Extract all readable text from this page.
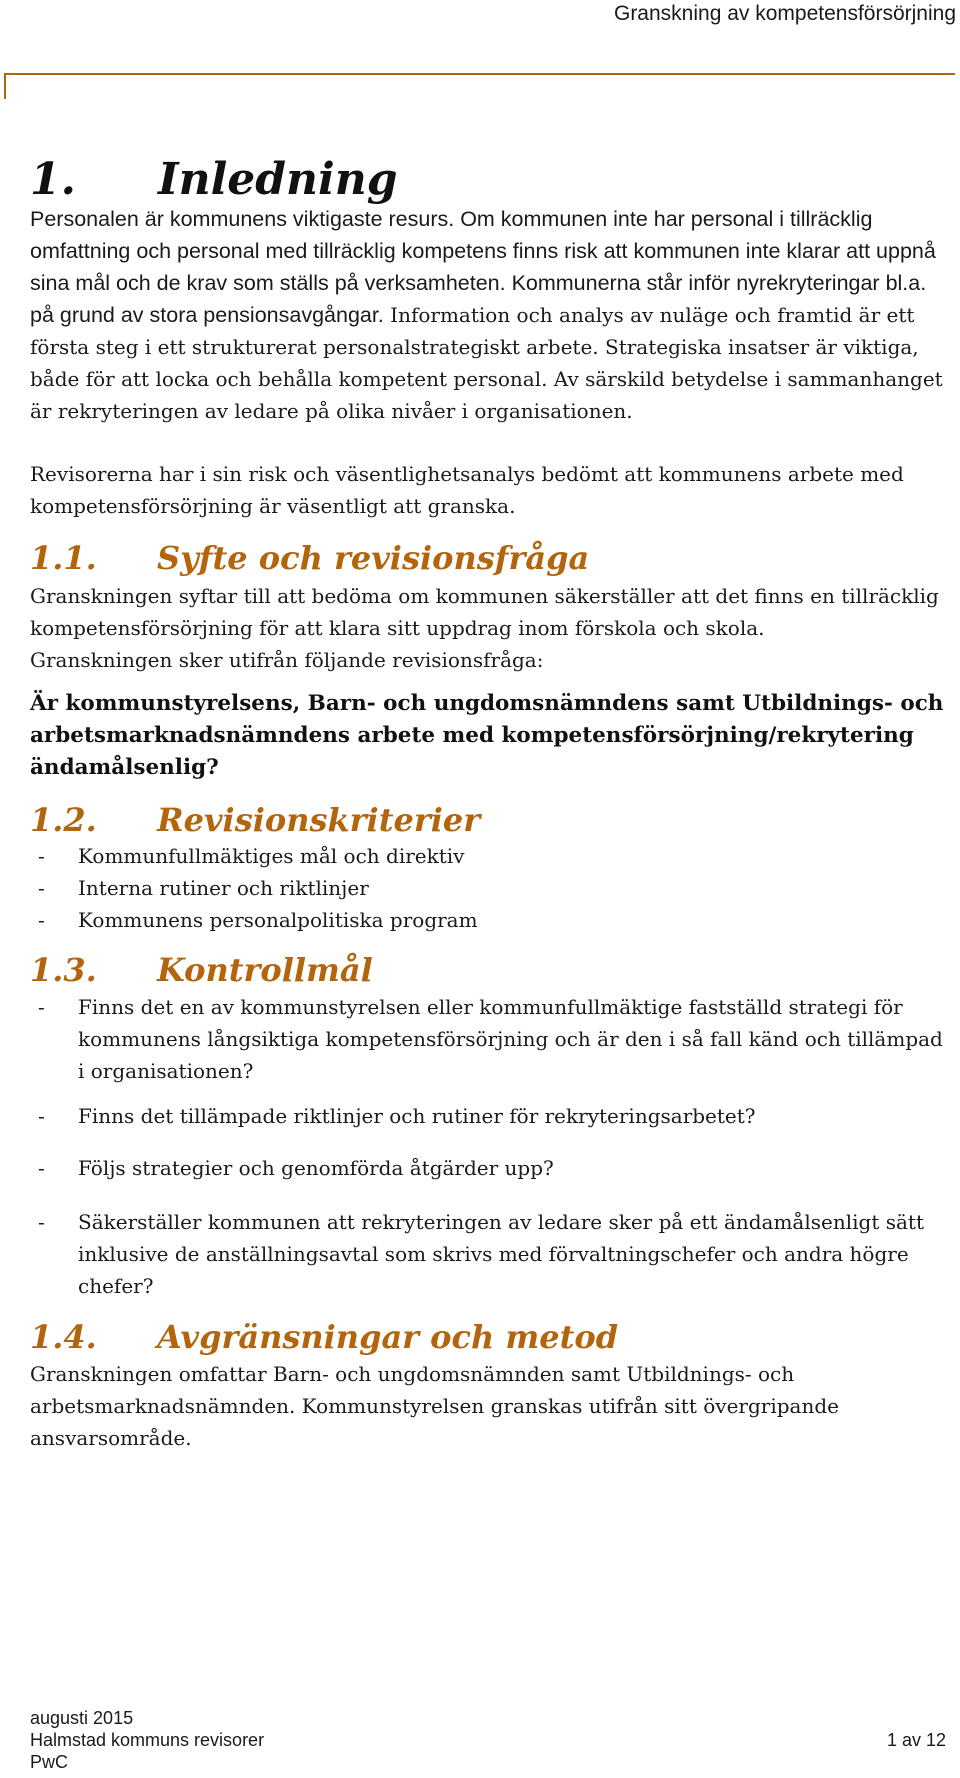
Granskning av kompetensförsörjning
1. Inledning

Personalen är kommunens viktigaste resurs. Om kommunen inte har personal i tillräcklig omfattning och personal med tillräcklig kompetens finns risk att kommunen inte klarar att uppnå sina mål och de krav som ställs på verksamheten. Kommunerna står inför nyrekryteringar bl.a. på grund av stora pensionsavgångar. Information och analys av nuläge och framtid är ett första steg i ett strukturerat personalstrategiskt arbete. Strategiska insatser är viktiga, både för att locka och behålla kompetent personal. Av särskild betydelse i sammanhanget är rekryteringen av ledare på olika nivåer i organisationen.

Revisorerna har i sin risk och väsentlighetsanalys bedömt att kommunens arbete med kompetensförsörjning är väsentligt att granska.

1.1. Syfte och revisionsfråga

Granskningen syftar till att bedöma om kommunen säkerställer att det finns en tillräcklig kompetensförsörjning för att klara sitt uppdrag inom förskola och skola.

Granskningen sker utifrån följande revisionsfråga:

Är kommunstyrelsens, Barn- och ungdomsnämndens samt Utbildnings- och arbetsmarknadsnämndens arbete med kompetensförsörjning/rekrytering ändamålsenlig?

1.2. Revisionskriterier
- Kommunfullmäktiges mål och direktiv
- Interna rutiner och riktlinjer
- Kommunens personalpolitiska program
1.3. Kontrollmål
- Finns det en av kommunstyrelsen eller kommunfullmäktige fastställd strategi för kommunens långsiktiga kompetensförsörjning och är den i så fall känd och tillämpad i organisationen?
- Finns det tillämpade riktlinjer och rutiner för rekryteringsarbetet?
- Följs strategier och genomförda åtgärder upp?
- Säkerställer kommunen att rekryteringen av ledare sker på ett ändamålsenligt sätt inklusive de anställningsavtal som skrivs med förvaltningschefer och andra högre chefer?
1.4. Avgränsningar och metod

Granskningen omfattar Barn- och ungdomsnämnden samt Utbildnings- och arbetsmarknadsnämnden. Kommunstyrelsen granskas utifrån sitt övergripande ansvarsområde.

augusti 2015
Halmstad kommuns revisorer
PwC
1 av 12
